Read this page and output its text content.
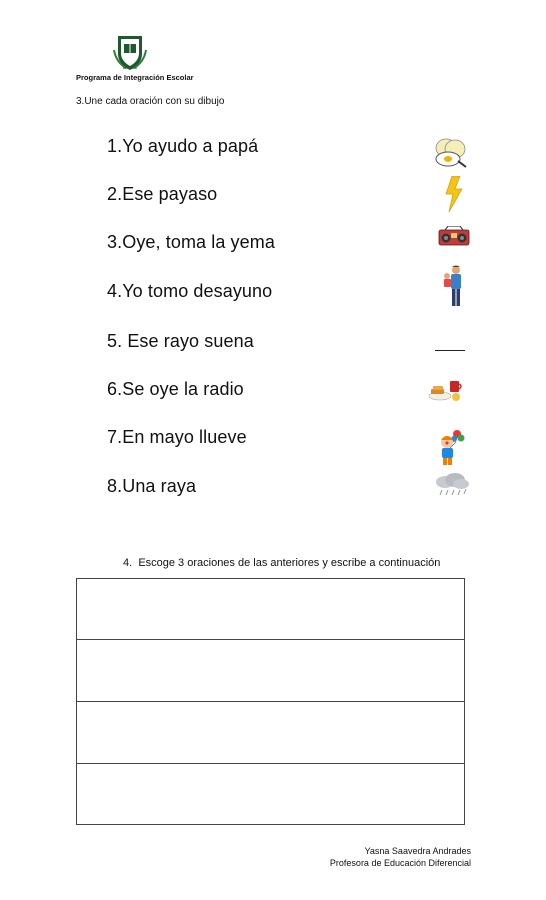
ESCUELA
Programa de Integración Escolar
3.Une cada oración con su dibujo
1.Yo ayudo a papá
2.Ese payaso
3.Oye, toma la yema
4.Yo tomo desayuno
5. Ese rayo suena
6.Se oye la radio
7.En mayo llueve
8.Una raya
4. Escoge 3 oraciones de las anteriores y escribe a continuación
Yasna Saavedra Andrades
Profesora de Educación Diferencial
